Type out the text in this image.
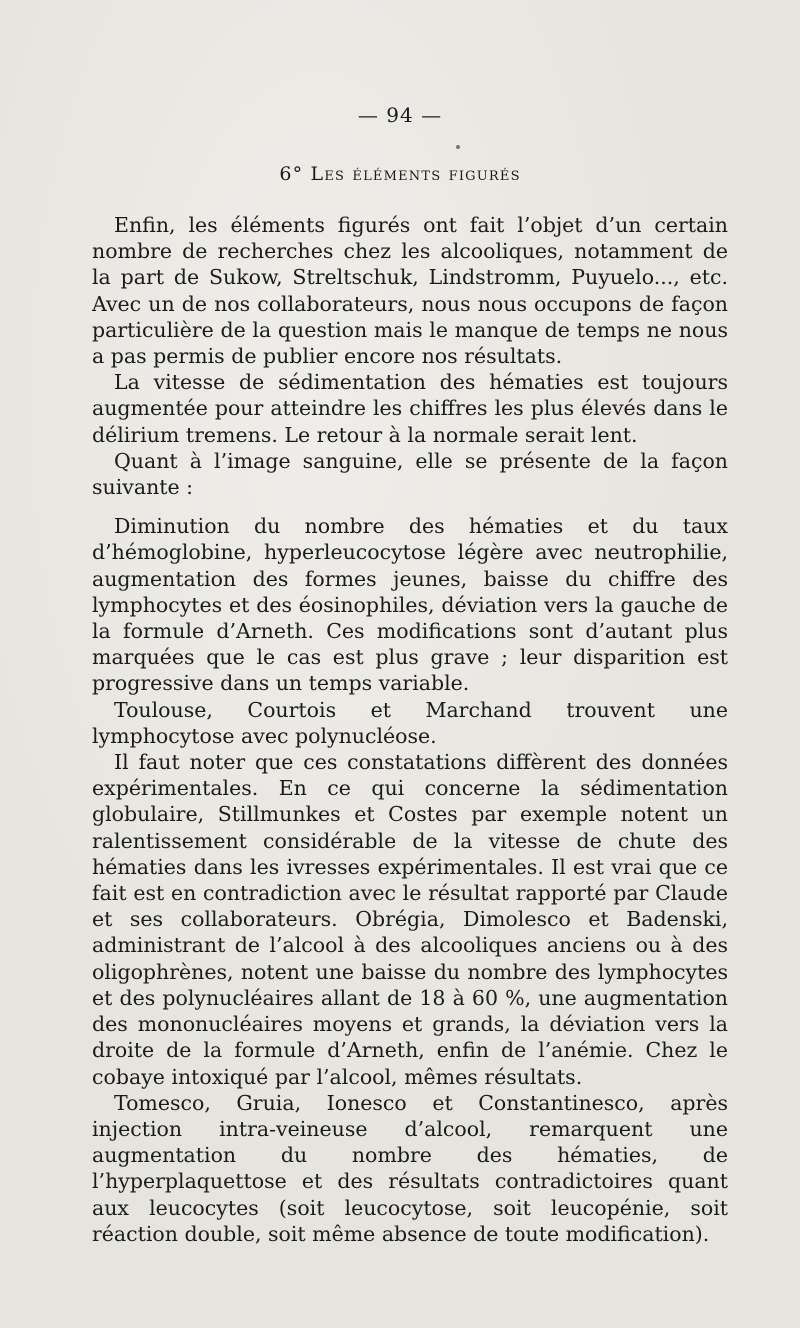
— 94 —
6° Les éléments figurés

Enfin, les éléments figurés ont fait l’objet d’un certain nombre de recherches chez les alcooliques, notamment de la part de Sukow, Streltschuk, Lindstromm, Puyuelo..., etc. Avec un de nos collaborateurs, nous nous occupons de façon particulière de la question mais le manque de temps ne nous a pas permis de publier encore nos résultats.

La vitesse de sédimentation des hématies est toujours augmentée pour atteindre les chiffres les plus élevés dans le délirium tremens. Le retour à la normale serait lent.

Quant à l’image sanguine, elle se présente de la façon suivante :

Diminution du nombre des hématies et du taux d’hémoglobine, hyperleucocytose légère avec neutrophilie, augmentation des formes jeunes, baisse du chiffre des lymphocytes et des éosinophiles, déviation vers la gauche de la formule d’Arneth. Ces modifications sont d’autant plus marquées que le cas est plus grave ; leur disparition est progressive dans un temps variable.

Toulouse, Courtois et Marchand trouvent une lymphocytose avec polynucléose.

Il faut noter que ces constatations diffèrent des données expérimentales. En ce qui concerne la sédimentation globulaire, Stillmunkes et Costes par exemple notent un ralentissement considérable de la vitesse de chute des hématies dans les ivresses expérimentales. Il est vrai que ce fait est en contradiction avec le résultat rapporté par Claude et ses collaborateurs. Obrégia, Dimolesco et Badenski, administrant de l’alcool à des alcooliques anciens ou à des oligophrènes, notent une baisse du nombre des lymphocytes et des polynucléaires allant de 18 à 60 %, une augmentation des mononucléaires moyens et grands, la déviation vers la droite de la formule d’Arneth, enfin de l’anémie. Chez le cobaye intoxiqué par l’alcool, mêmes résultats.

Tomesco, Gruia, Ionesco et Constantinesco, après injection intra-veineuse d’alcool, remarquent une augmentation du nombre des hématies, de l’hyperplaquettose et des résultats contradictoires quant aux leucocytes (soit leucocytose, soit leucopénie, soit réaction double, soit même absence de toute modification).
